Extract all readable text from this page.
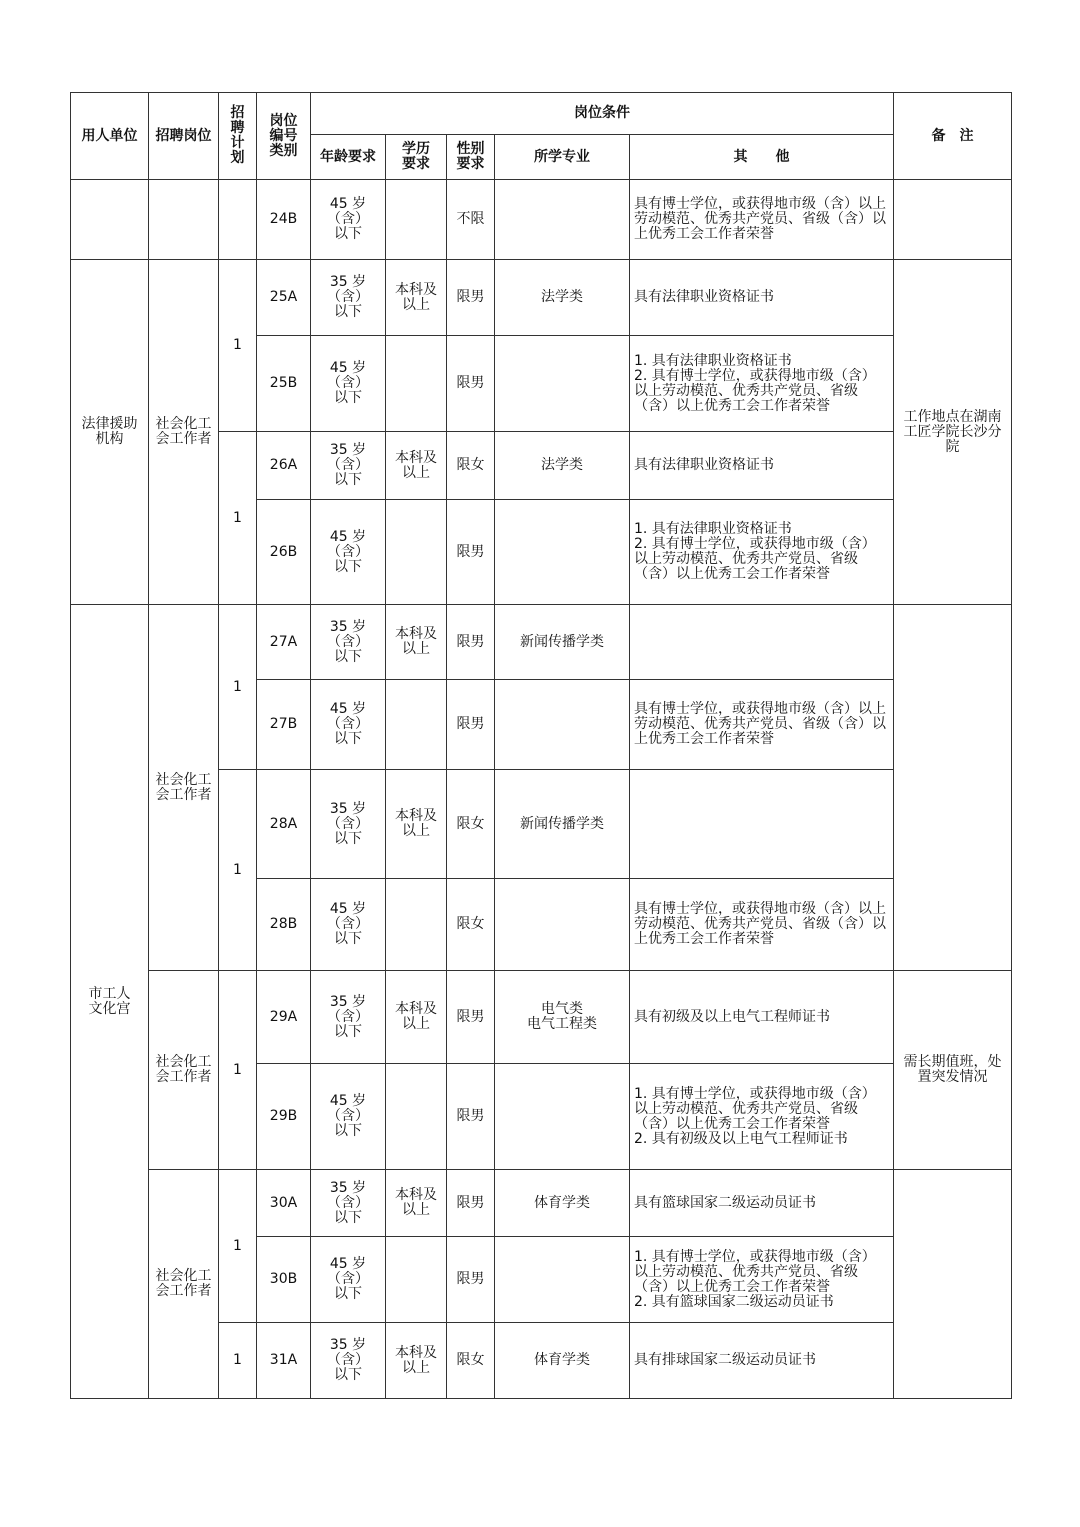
用人单位	招聘岗位	招
聘
计
划	岗位
编号
类别	岗位条件					备　注
				年龄要求	学历
要求	性别
要求	所学专业	其　　他	
			24B	45 岁（含）
以下		不限		具有博士学位，或获得地市级（含）以上劳动模范、优秀共产党员、省级（含）以上优秀工会工作者荣誉	
法律援助
机构	社会化工
会工作者	1	25A	35 岁（含）
以下	本科及
以上	限男	法学类	具有法律职业资格证书	工作地点在湖南工匠学院长沙分院
			25B	45 岁（含）
以下		限男		1. 具有法律职业资格证书
2. 具有博士学位，或获得地市级（含）以上劳动模范、优秀共产党员、省级（含）以上优秀工会工作者荣誉	
		1	26A	35 岁（含）
以下	本科及
以上	限女	法学类	具有法律职业资格证书	
			26B	45 岁（含）
以下		限男		1. 具有法律职业资格证书
2. 具有博士学位，或获得地市级（含）以上劳动模范、优秀共产党员、省级（含）以上优秀工会工作者荣誉	
市工人
文化宫	社会化工
会工作者	1	27A	35 岁（含）
以下	本科及
以上	限男	新闻传播学类		
			27B	45 岁（含）
以下		限男		具有博士学位，或获得地市级（含）以上劳动模范、优秀共产党员、省级（含）以上优秀工会工作者荣誉	
		1	28A	35 岁（含）
以下	本科及
以上	限女	新闻传播学类		
			28B	45 岁（含）
以下		限女		具有博士学位，或获得地市级（含）以上劳动模范、优秀共产党员、省级（含）以上优秀工会工作者荣誉	
	社会化工
会工作者	1	29A	35 岁（含）
以下	本科及
以上	限男	电气类
电气工程类	具有初级及以上电气工程师证书	需长期值班，处置突发情况
			29B	45 岁（含）
以下		限男		1. 具有博士学位，或获得地市级（含）以上劳动模范、优秀共产党员、省级（含）以上优秀工会工作者荣誉
2. 具有初级及以上电气工程师证书	
	社会化工
会工作者	1	30A	35 岁（含）
以下	本科及
以上	限男	体育学类	具有篮球国家二级运动员证书	
			30B	45 岁（含）
以下		限男		1. 具有博士学位，或获得地市级（含）以上劳动模范、优秀共产党员、省级（含）以上优秀工会工作者荣誉
2. 具有篮球国家二级运动员证书	
		1	31A	35 岁（含）
以下	本科及
以上	限女	体育学类	具有排球国家二级运动员证书	
